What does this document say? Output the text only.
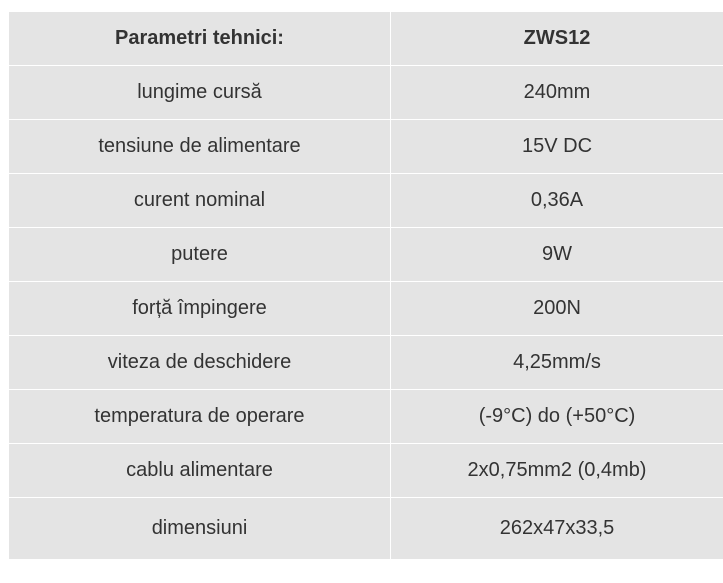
Parametri tehnici:	ZWS12
lungime cursă	240mm
tensiune de alimentare	15V DC
curent nominal	0,36A
putere	9W
forță împingere	200N
viteza de deschidere	4,25mm/s
temperatura de operare	(-9°C) do (+50°C)
cablu alimentare	2x0,75mm2 (0,4mb)
dimensiuni	262x47x33,5
